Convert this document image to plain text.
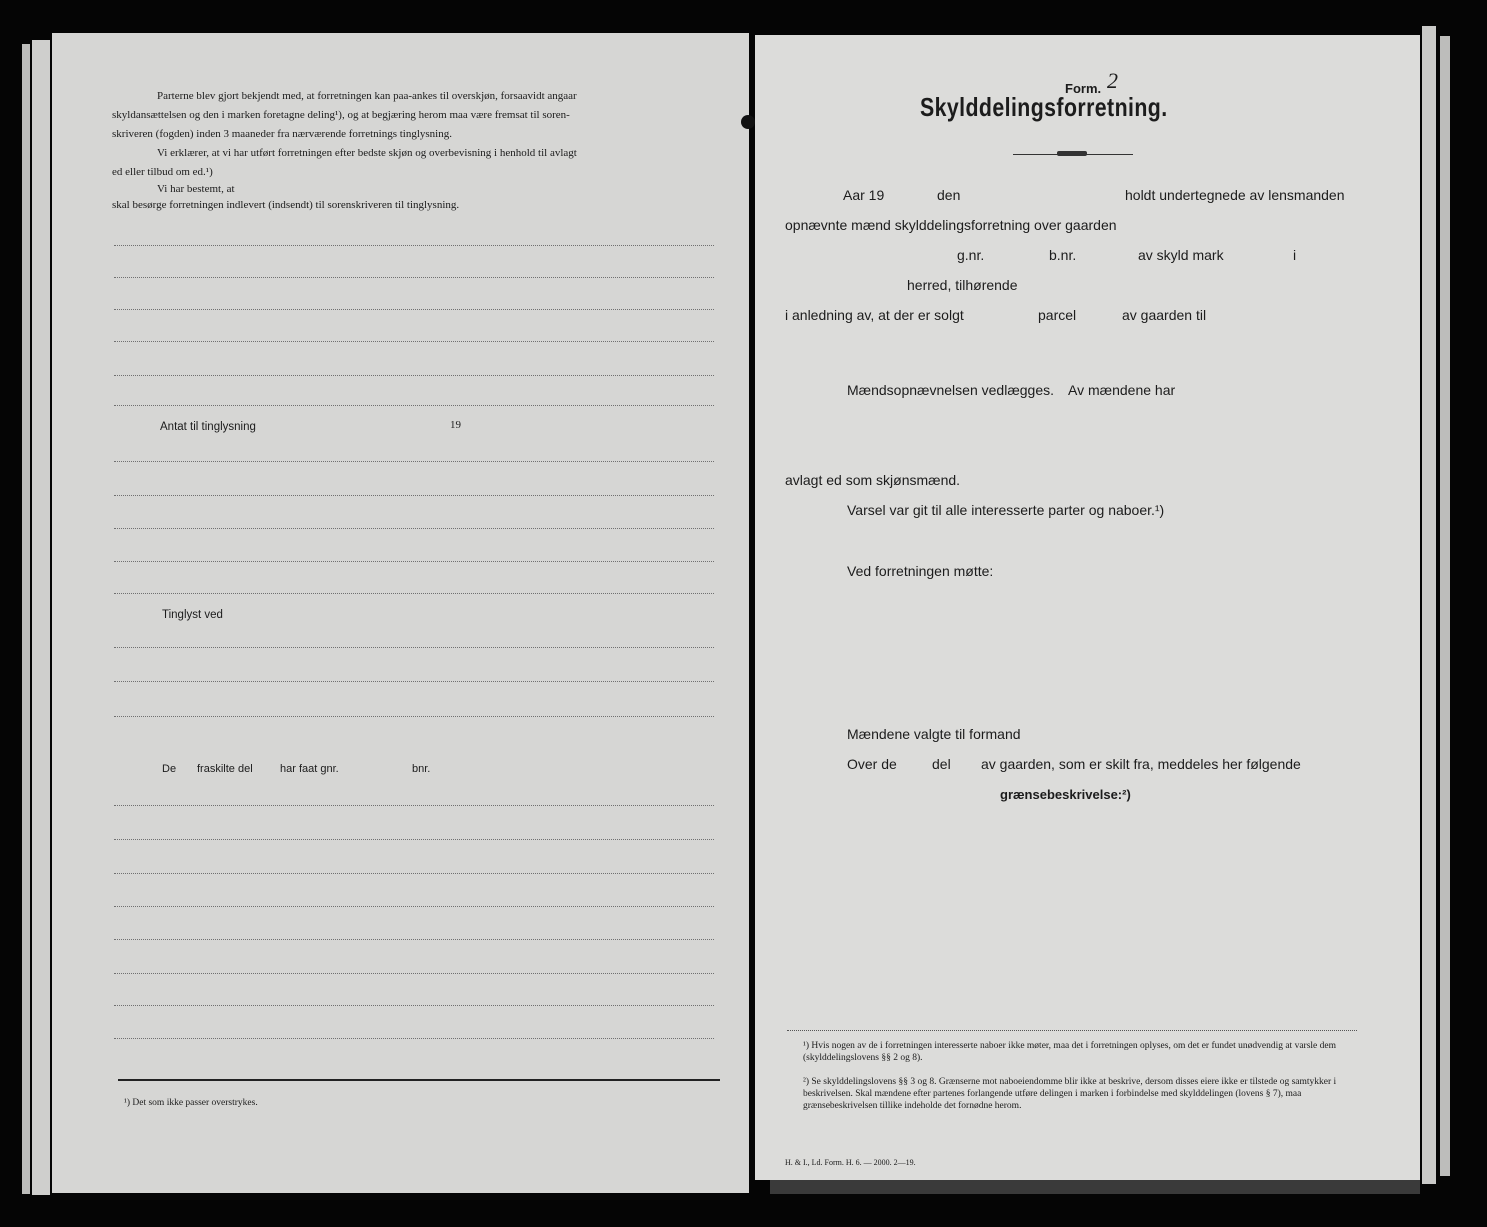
Parterne blev gjort bekjendt med, at forretningen kan paa-ankes til overskjøn, forsaavidt angaar
skyldansættelsen og den i marken foretagne deling¹), og at begjæring herom maa være fremsat til soren-
skriveren (fogden) inden 3 maaneder fra nærværende forretnings tinglysning.
Vi erklærer, at vi har utført forretningen efter bedste skjøn og overbevisning i henhold til avlagt
ed eller tilbud om ed.¹)
Vi har bestemt, at
skal besørge forretningen indlevert (indsendt) til sorenskriveren til tinglysning.
Antat til tinglysning	19
Tinglyst ved
De fraskilte del har faat gnr.	bnr.
¹) Det som ikke passer overstrykes.
Form. 2
Skylddelingsforretning.
Aar 19	den	holdt undertegnede av lensmanden
opnævnte mænd skylddelingsforretning over gaarden
g.nr.	b.nr.	av skyld mark	i
herred, tilhørende
i anledning av, at der er solgt	parcel	av gaarden til
Mændsopnævnelsen vedlægges. Av mændene har
avlagt ed som skjønsmænd.
Varsel var git til alle interesserte parter og naboer.¹)
Ved forretningen møtte:
Mændene valgte til formand
Over de	del av gaarden, som er skilt fra, meddeles her følgende
grænsebeskrivelse:²)
¹) Hvis nogen av de i forretningen interesserte naboer ikke møter, maa det i forretningen oplyses, om det er fundet unødvendig at varsle dem (skylddelingslovens §§ 2 og 8).
²) Se skylddelingslovens §§ 3 og 8. Grænserne mot naboeiendomme blir ikke at beskrive, dersom disses eiere ikke er tilstede og samtykker i beskrivelsen. Skal mændene efter partenes forlangende utføre delingen i marken i forbindelse med skylddelingen (lovens § 7), maa grænsebeskrivelsen tillike indeholde det fornødne herom.
H. & I., Ld. Form. H. 6. — 2000. 2—19.
